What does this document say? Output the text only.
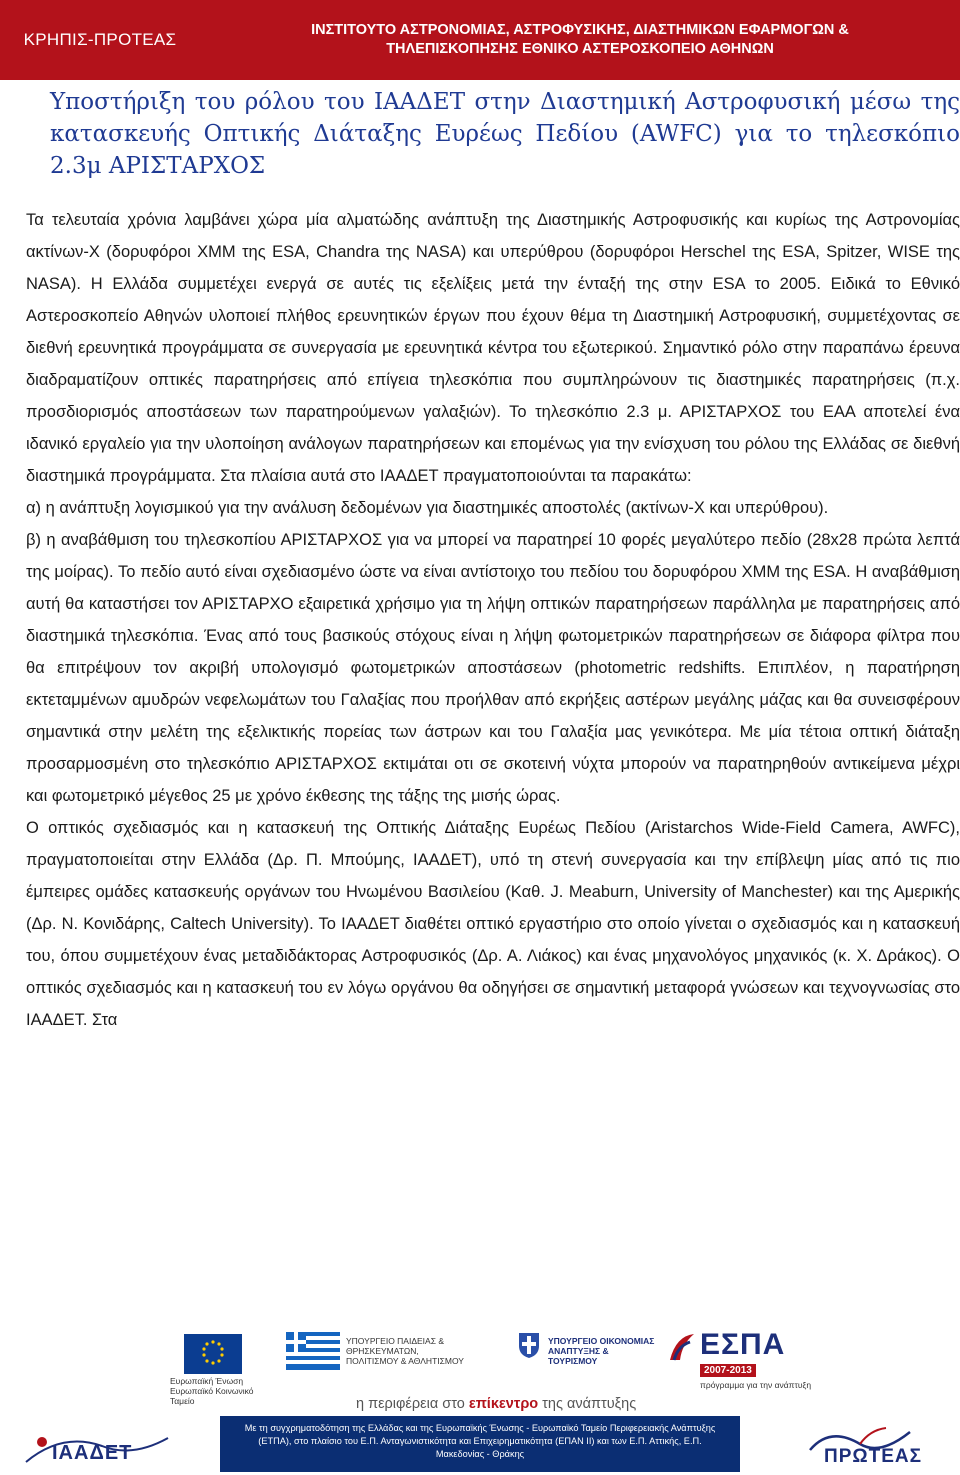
ΚΡΗΠΙΣ-ΠΡΟΤΕΑΣ	ΙΝΣΤΙΤΟΥΤΟ ΑΣΤΡΟΝΟΜΙΑΣ, ΑΣΤΡΟΦΥΣΙΚΗΣ, ΔΙΑΣΤΗΜΙΚΩΝ ΕΦΑΡΜΟΓΩΝ &
ΤΗΛΕΠΙΣΚΟΠΗΣΗΣ ΕΘΝΙΚΟ ΑΣΤΕΡΟΣΚΟΠΕΙΟ ΑΘΗΝΩΝ
Υποστήριξη του ρόλου του ΙΑΑΔΕΤ στην Διαστημική Αστροφυσική μέσω της κατασκευής Οπτικής Διάταξης Ευρέως Πεδίου (AWFC) για το τηλεσκόπιο 2.3μ ΑΡΙΣΤΑΡΧΟΣ

Τα τελευταία χρόνια λαμβάνει χώρα μία αλματώδης ανάπτυξη της Διαστημικής Αστροφυσικής και κυρίως της Αστρονομίας ακτίνων-Χ (δορυφόροι XMM της ESA, Chandra της NASA) και υπερύθρου (δορυφόροι Herschel της ESA, Spitzer, WISE της NASA). Η Ελλάδα συμμετέχει ενεργά σε αυτές τις εξελίξεις μετά την ένταξή της στην ESA το 2005. Ειδικά το Εθνικό Αστεροσκοπείο Αθηνών υλοποιεί πλήθος ερευνητικών έργων που έχουν θέμα τη Διαστημική Αστροφυσική, συμμετέχοντας σε διεθνή ερευνητικά προγράμματα σε συνεργασία με ερευνητικά κέντρα του εξωτερικού. Σημαντικό ρόλο στην παραπάνω έρευνα διαδραματίζουν οπτικές παρατηρήσεις από επίγεια τηλεσκόπια που συμπληρώνουν τις διαστημικές παρατηρήσεις (π.χ. προσδιορισμός αποστάσεων των παρατηρούμενων γαλαξιών). Το τηλεσκόπιο 2.3 μ. ΑΡΙΣΤΑΡΧΟΣ του ΕΑΑ αποτελεί ένα ιδανικό εργαλείο για την υλοποίηση ανάλογων παρατηρήσεων και επομένως για την ενίσχυση του ρόλου της Ελλάδας σε διεθνή διαστημικά προγράμματα. Στα πλαίσια αυτά στο ΙΑΑΔΕΤ πραγματοποιούνται τα παρακάτω:

α) η ανάπτυξη λογισμικού για την ανάλυση δεδομένων για διαστημικές αποστολές (ακτίνων-Χ και υπερύθρου).

β) η αναβάθμιση του τηλεσκοπίου ΑΡΙΣΤΑΡΧΟΣ για να μπορεί να παρατηρεί 10 φορές μεγαλύτερο πεδίο (28x28 πρώτα λεπτά της μοίρας). Το πεδίο αυτό είναι σχεδιασμένο ώστε να είναι αντίστοιχο του πεδίου του δορυφόρου XMM της ESA. Η αναβάθμιση αυτή θα καταστήσει τον ΑΡΙΣΤΑΡΧΟ εξαιρετικά χρήσιμο για τη λήψη οπτικών παρατηρήσεων παράλληλα με παρατηρήσεις από διαστημικά τηλεσκόπια. Ένας από τους βασικούς στόχους είναι η λήψη φωτομετρικών παρατηρήσεων σε διάφορα φίλτρα που θα επιτρέψουν τον ακριβή υπολογισμό φωτομετρικών αποστάσεων (photometric redshifts. Επιπλέον, η παρατήρηση εκτεταμμένων αμυδρών νεφελωμάτων του Γαλαξίας που προήλθαν από εκρήξεις αστέρων μεγάλης μάζας και θα συνεισφέρουν σημαντικά στην μελέτη της εξελικτικής πορείας των άστρων και του Γαλαξία μας γενικότερα. Με μία τέτοια οπτική διάταξη προσαρμοσμένη στο τηλεσκόπιο ΑΡΙΣΤΑΡΧΟΣ εκτιμάται οτι σε σκοτεινή νύχτα μπορούν να παρατηρηθούν αντικείμενα μέχρι και φωτομετρικό μέγεθος 25 με χρόνο έκθεσης της τάξης της μισής ώρας.

Ο οπτικός σχεδιασμός και η κατασκευή της Οπτικής Διάταξης Ευρέως Πεδίου (Aristarchos Wide-Field Camera, AWFC), πραγματοποιείται στην Ελλάδα (Δρ. Π. Μπούμης, ΙΑΑΔΕΤ), υπό τη στενή συνεργασία και την επίβλεψη μίας από τις πιο έμπειρες ομάδες κατασκευής οργάνων του Ηνωμένου Βασιλείου (Καθ. J. Meaburn, University of Manchester) και της Αμερικής (Δρ. Ν. Κονιδάρης, Caltech University). Το ΙΑΑΔΕΤ διαθέτει οπτικό εργαστήριο στο οποίο γίνεται ο σχεδιασμός και η κατασκευή του, όπου συμμετέχουν ένας μεταδιδάκτορας Αστροφυσικός (Δρ. Α. Λιάκος) και ένας μηχανολόγος μηχανικός (κ. Χ. Δράκος). Ο οπτικός σχεδιασμός και η κατασκευή του εν λόγω οργάνου θα οδηγήσει σε σημαντική μεταφορά γνώσεων και τεχνογνωσίας στο ΙΑΑΔΕΤ. Στα

Ευρωπαϊκή Ένωση
Ευρωπαϊκό Κοινωνικό Ταμείο
ΥΠΟΥΡΓΕΙΟ ΠΑΙΔΕΙΑΣ & ΘΡΗΣΚΕΥΜΑΤΩΝ,
ΠΟΛΙΤΙΣΜΟΥ & ΑΘΛΗΤΙΣΜΟΥ
ΥΠΟΥΡΓΕΙΟ ΟΙΚΟΝΟΜΙΑΣ
ΑΝΑΠΤΥΞΗΣ & ΤΟΥΡΙΣΜΟΥ	ΕΣΠΑ
2007-2013
πρόγραμμα για την ανάπτυξη
η περιφέρεια στο επίκεντρο της ανάπτυξης
ΙΑΑΔΕΤ
Με τη συγχρηματοδότηση της Ελλάδας και της Ευρωπαϊκής Ένωσης - Ευρωπαϊκό Ταμείο Περιφερειακής Ανάπτυξης (ΕΤΠΑ), στο πλαίσιο του Ε.Π. Ανταγωνιστικότητα και Επιχειρηματικότητα (ΕΠΑΝ ΙΙ) και των Ε.Π. Αττικής, Ε.Π. Μακεδονίας - Θράκης	ΠΡΩΤΕΑΣ
